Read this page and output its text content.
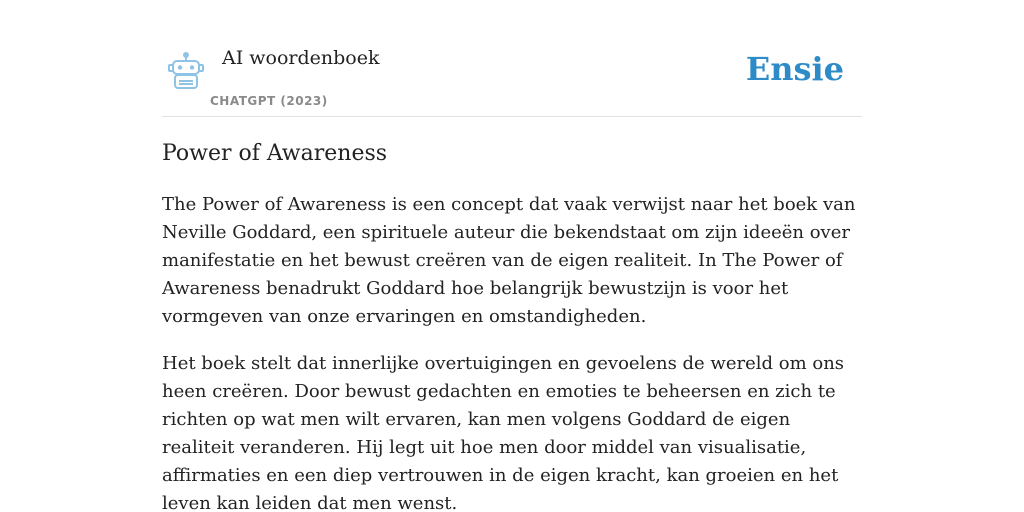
AI woordenboek
CHATGPT (2023)
Ensie
Power of Awareness

The Power of Awareness is een concept dat vaak verwijst naar het boek van Neville Goddard, een spirituele auteur die bekendstaat om zijn ideeën over manifestatie en het bewust creëren van de eigen realiteit. In The Power of Awareness benadrukt Goddard hoe belangrijk bewustzijn is voor het vormgeven van onze ervaringen en omstandigheden.

Het boek stelt dat innerlijke overtuigingen en gevoelens de wereld om ons heen creëren. Door bewust gedachten en emoties te beheersen en zich te richten op wat men wilt ervaren, kan men volgens Goddard de eigen realiteit veranderen. Hij legt uit hoe men door middel van visualisatie, affirmaties en een diep vertrouwen in de eigen kracht, kan groeien en het leven kan leiden dat men wenst.
